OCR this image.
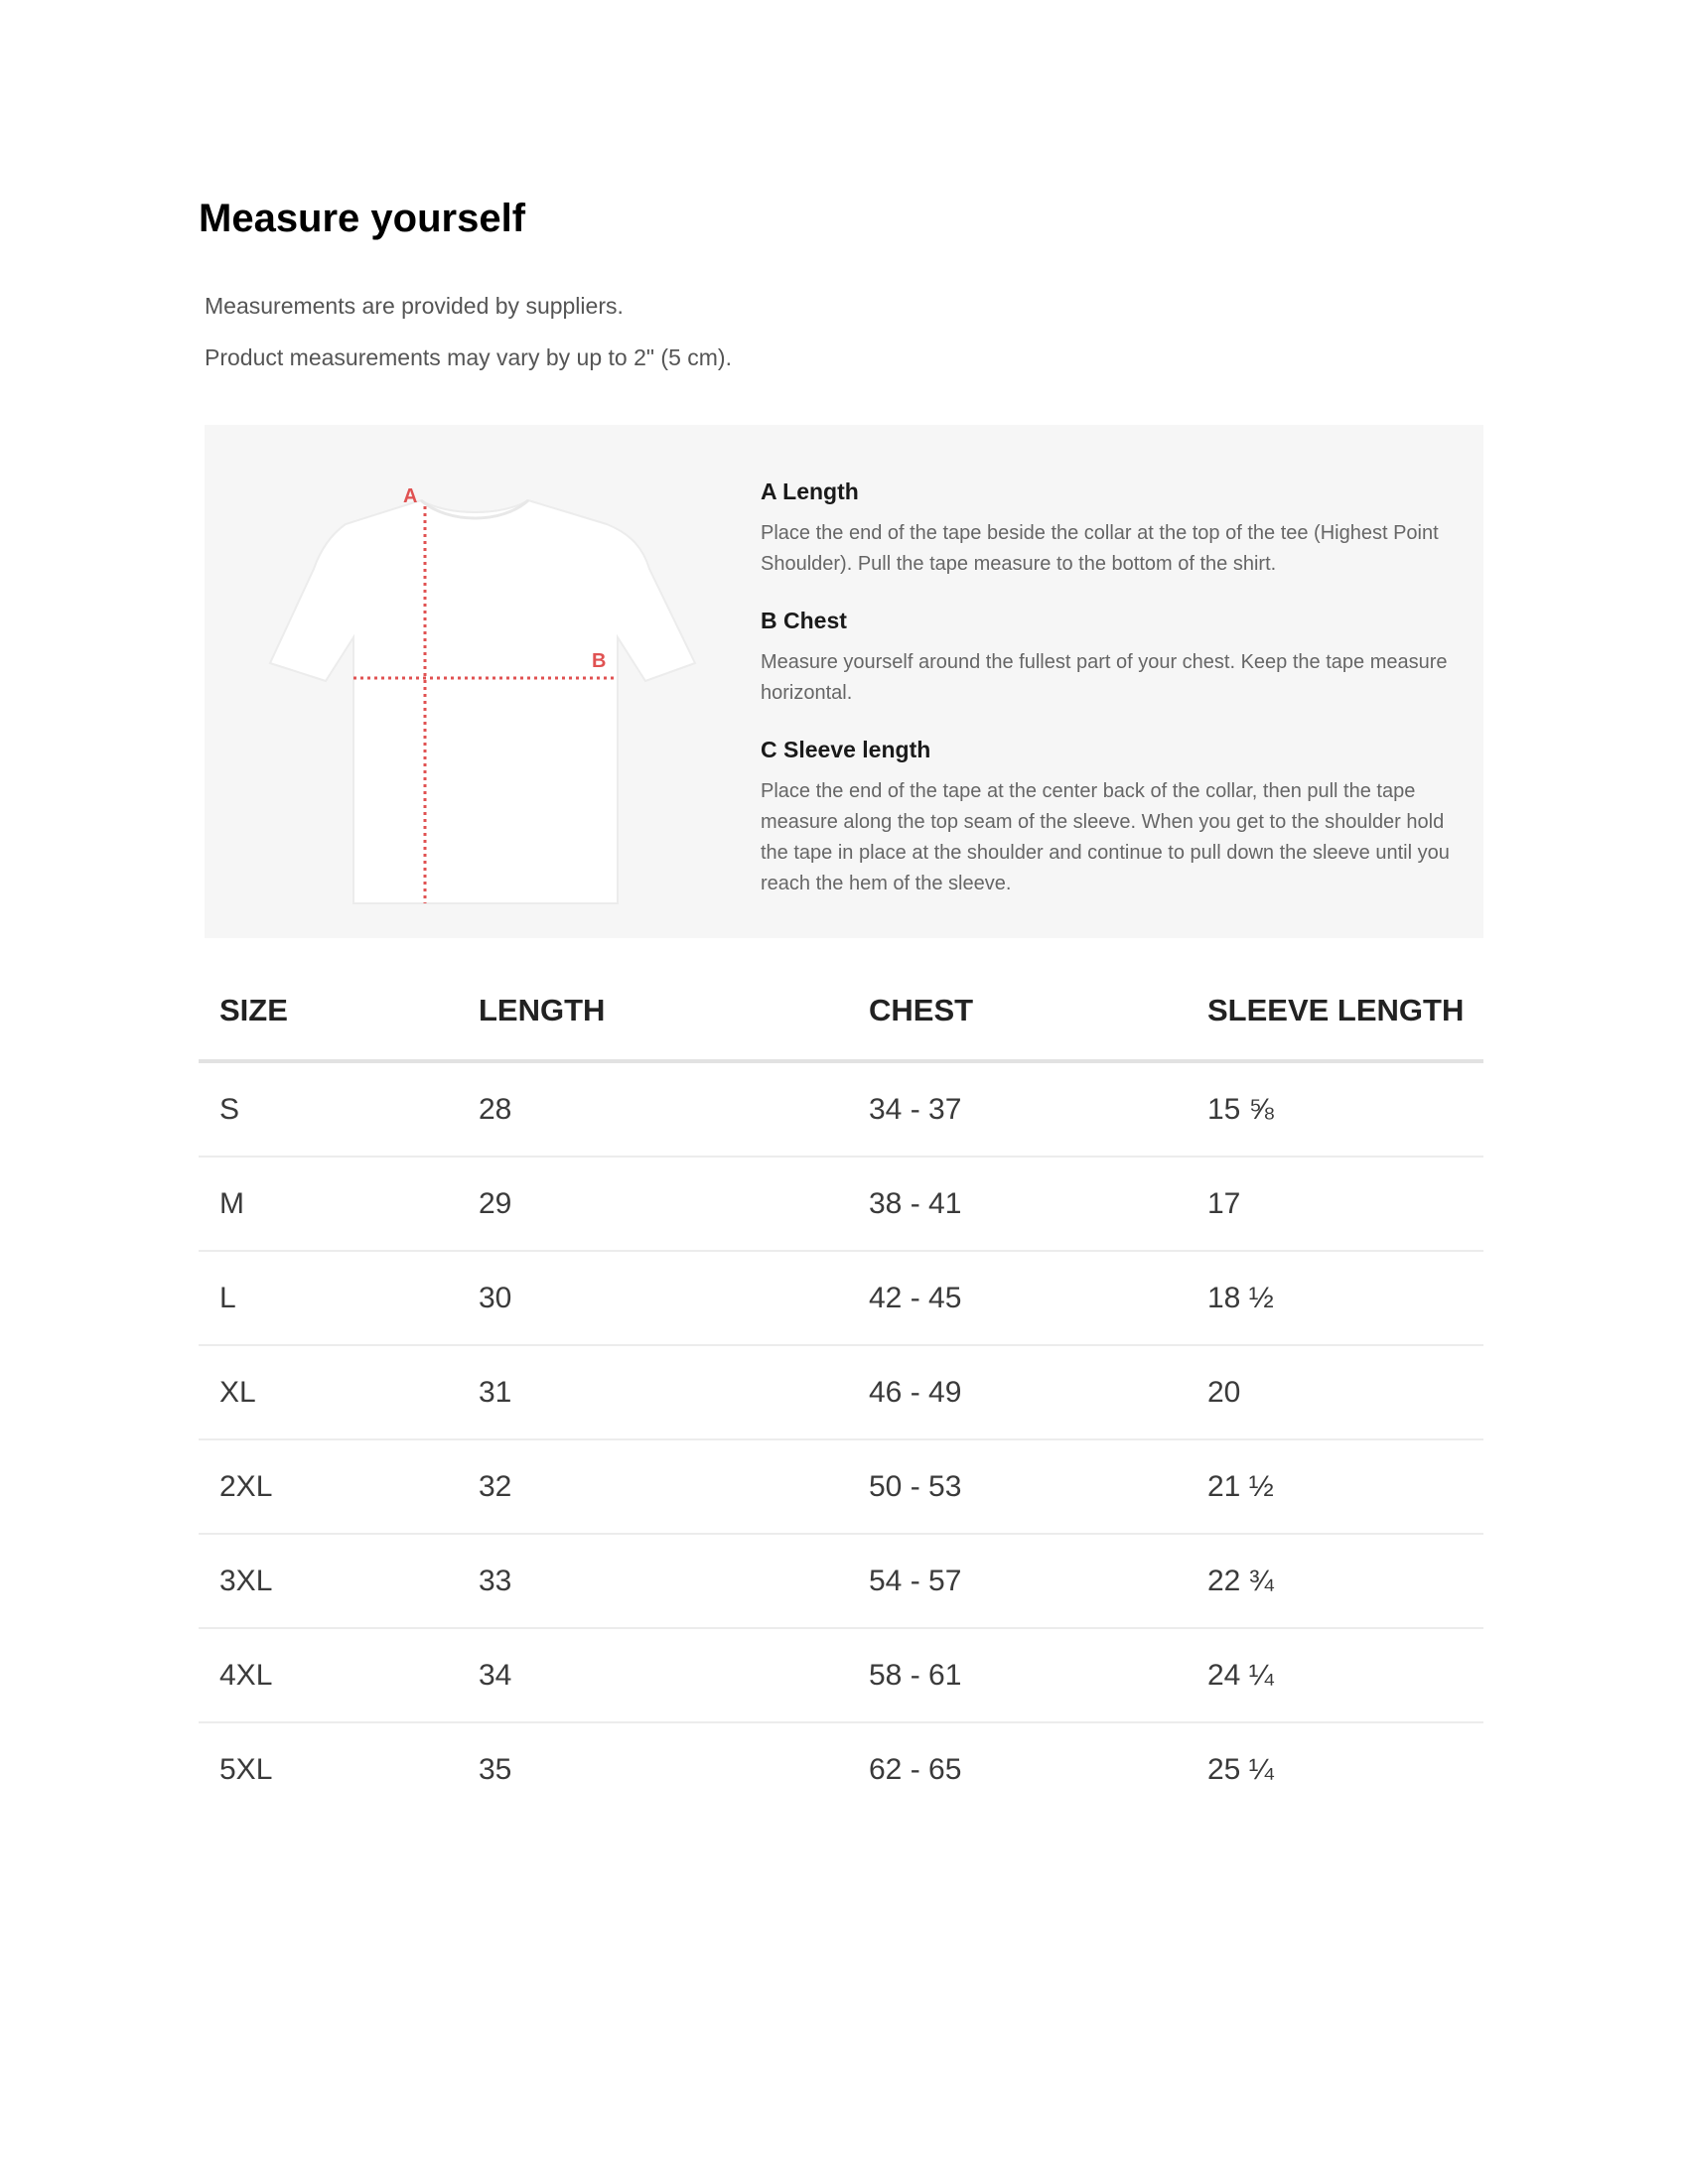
Measure yourself

Measurements are provided by suppliers.

Product measurements may vary by up to 2" (5 cm).

A
B
A Length

Place the end of the tape beside the collar at the top of the tee (Highest Point Shoulder). Pull the tape measure to the bottom of the shirt.

B Chest

Measure yourself around the fullest part of your chest. Keep the tape measure horizontal.

C Sleeve length

Place the end of the tape at the center back of the collar, then pull the tape measure along the top seam of the sleeve. When you get to the shoulder hold the tape in place at the shoulder and continue to pull down the sleeve until you reach the hem of the sleeve.

SIZE	LENGTH	CHEST	SLEEVE LENGTH
S	28	34 - 37	15 ⅝
M	29	38 - 41	17
L	30	42 - 45	18 ½
XL	31	46 - 49	20
2XL	32	50 - 53	21 ½
3XL	33	54 - 57	22 ¾
4XL	34	58 - 61	24 ¼
5XL	35	62 - 65	25 ¼
